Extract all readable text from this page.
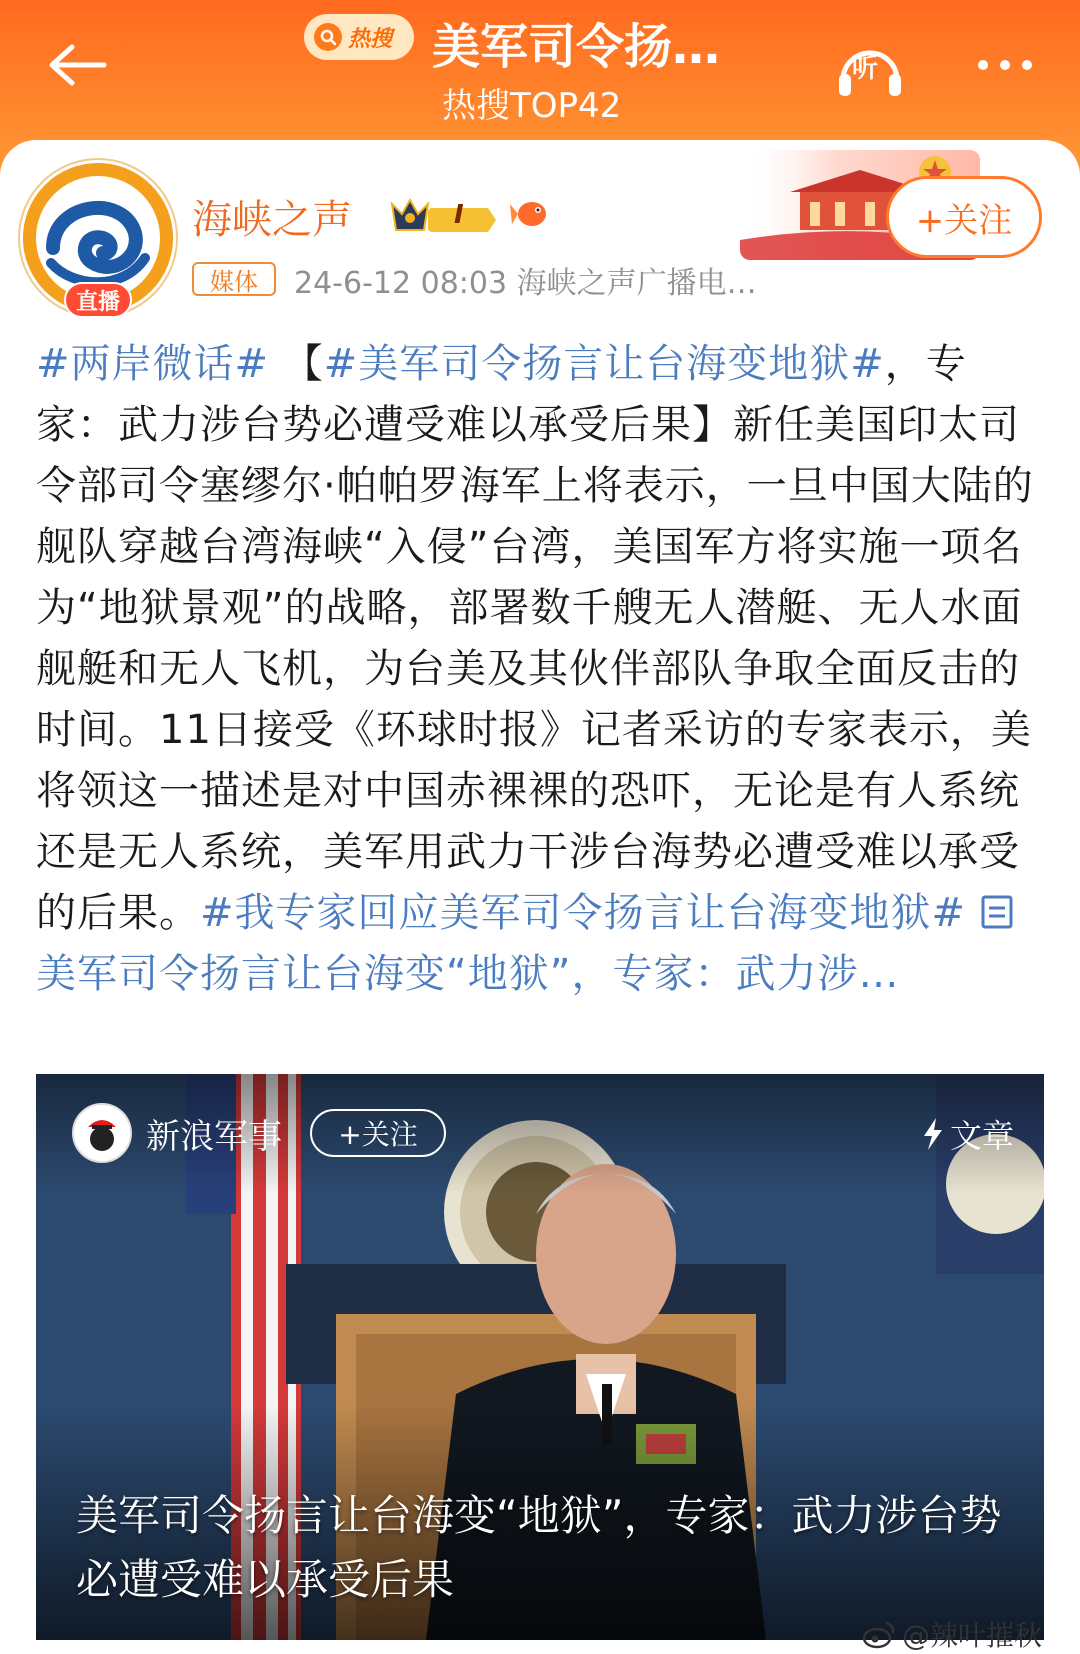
热搜 美军司令扬…
热搜TOP42
听
直播
海峡之声	I
媒体	24-6-12 08:03 海峡之声广播电…
+关注
#两岸微话# 【#美军司令扬言让台海变地狱#，专家：武力涉台势必遭受难以承受后果】新任美国印太司令部司令塞缪尔·帕帕罗海军上将表示，一旦中国大陆的舰队穿越台湾海峡“入侵”台湾，美国军方将实施一项名为“地狱景观”的战略，部署数千艘无人潜艇、无人水面舰艇和无人飞机，为台美及其伙伴部队争取全面反击的时间。11日接受《环球时报》记者采访的专家表示，美将领这一描述是对中国赤裸裸的恐吓，无论是有人系统还是无人系统，美军用武力干涉台海势必遭受难以承受的后果。#我专家回应美军司令扬言让台海变地狱# 美军司令扬言让台海变“地狱”，专家：武力涉…
新浪军事	+关注	文章
美军司令扬言让台海变“地狱”，专家：武力涉台势必遭受难以承受后果
@辣叶摧秋
